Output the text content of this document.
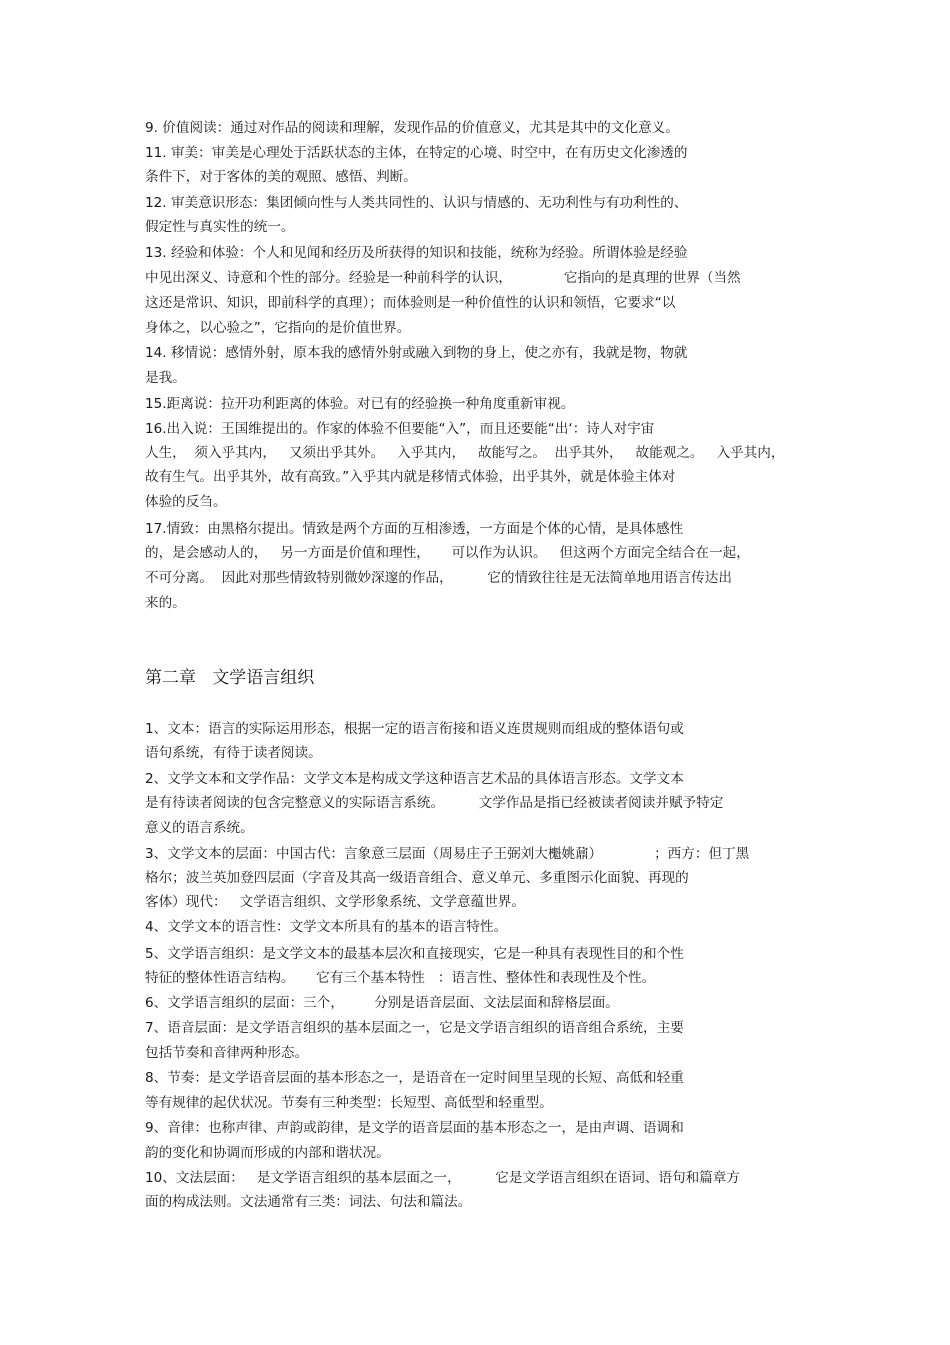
9. 价值阅读：通过对作品的阅读和理解，发现作品的价值意义，尤其是其中的文化意义。
11. 审美：审美是心理处于活跃状态的主体，在特定的心境、时空中，在有历史文化渗透的
条件下，对于客体的美的观照、感悟、判断。
12. 审美意识形态：集团倾向性与人类共同性的、认识与情感的、无功利性与有功利性的、
假定性与真实性的统一。
13. 经验和体验：个人和见闻和经历及所获得的知识和技能，统称为经验。所谓体验是经验
中见出深义、诗意和个性的部分。经验是一种前科学的认识，            它指向的是真理的世界（当然
这还是常识、知识，即前科学的真理）；而体验则是一种价值性的认识和领悟，它要求“以
身体之，以心验之”，它指向的是价值世界。
14. 移情说：感情外射，原本我的感情外射或融入到物的身上，使之亦有，我就是物，物就
是我。
15.距离说：拉开功利距离的体验。对已有的经验换一种角度重新审视。
16.出入说：王国维提出的。作家的体验不但要能“入”，而且还要能“出‘：诗人对宇宙
人生，  须入乎其内，   又须出乎其外。   入乎其内，   故能写之。  出乎其外，   故能观之。   入乎其内，
故有生气。出乎其外，故有高致。”入乎其内就是移情式体验，出乎其外，就是体验主体对
体验的反刍。
17.情致：由黑格尔提出。情致是两个方面的互相渗透，一方面是个体的心情，是具体感性
的，是会感动人的，   另一方面是价值和理性，     可以作为认识。   但这两个方面完全结合在一起，
不可分离。  因此对那些情致特别微妙深邃的作品，        它的情致往往是无法简单地用语言传达出
来的。
第二章   文学语言组织
1、文本：语言的实际运用形态，根据一定的语言衔接和语义连贯规则而组成的整体语句或
语句系统，有待于读者阅读。
2、文学文本和文学作品：文学文本是构成文学这种语言艺术品的具体语言形态。文学文本
是有待读者阅读的包含完整意义的实际语言系统。        文学作品是指已经被读者阅读并赋予特定
意义的语言系统。
3、文学文本的层面：中国古代：言象意三层面（周易庄子王弼刘大櫆姚鼐）            ；西方：但丁黑
格尔；波兰英加登四层面（字音及其高一级语音组合、意义单元、多重图示化面貌、再现的
客体）现代：   文学语言组织、文学形象系统、文学意蕴世界。
4、文学文本的语言性：文学文本所具有的基本的语言特性。
5、文学语言组织：是文学文本的最基本层次和直接现实，它是一种具有表现性目的和个性
特征的整体性语言结构。     它有三个基本特性   ：语言性、整体性和表现性及个性。
6、文学语言组织的层面：三个，       分别是语音层面、文法层面和辞格层面。
7、语音层面：是文学语言组织的基本层面之一，它是文学语言组织的语音组合系统，主要
包括节奏和音律两种形态。
8、节奏：是文学语音层面的基本形态之一，是语音在一定时间里呈现的长短、高低和轻重
等有规律的起伏状况。节奏有三种类型：长短型、高低型和轻重型。
9、音律：也称声律、声韵或韵律，是文学的语音层面的基本形态之一，是由声调、语调和
韵的变化和协调而形成的内部和谐状况。
10、文法层面：   是文学语言组织的基本层面之一，        它是文学语言组织在语词、语句和篇章方
面的构成法则。文法通常有三类：词法、句法和篇法。
